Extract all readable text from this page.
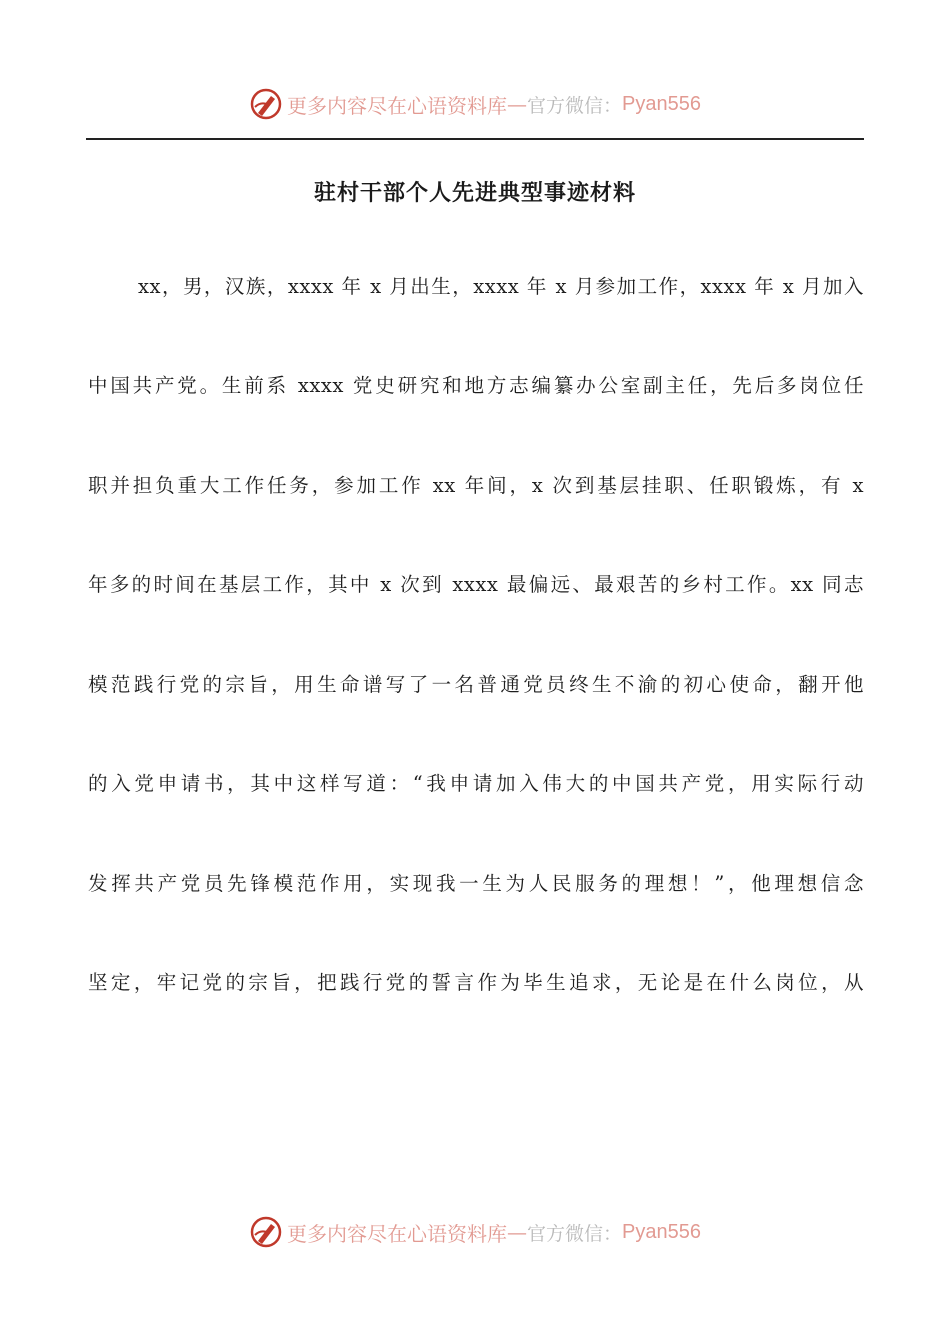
更多内容尽在心语资料库 — 官方微信： Pyan556
驻村干部个人先进典型事迹材料
xx，男，汉族，xxxx 年 x 月出生，xxxx 年 x 月参加工作，xxxx 年 x 月加入
中国共产党。生前系 xxxx 党史研究和地方志编纂办公室副主任，先后多岗位任
职并担负重大工作任务，参加工作 xx 年间，x 次到基层挂职、任职锻炼，有 x
年多的时间在基层工作，其中 x 次到 xxxx 最偏远、最艰苦的乡村工作。xx 同志
模范践行党的宗旨，用生命谱写了一名普通党员终生不渝的初心使命，翻开他
的入党申请书，其中这样写道：“我申请加入伟大的中国共产党，用实际行动
发挥共产党员先锋模范作用，实现我一生为人民服务的理想！”，他理想信念
坚定，牢记党的宗旨，把践行党的誓言作为毕生追求，无论是在什么岗位，从
更多内容尽在心语资料库 — 官方微信： Pyan556
